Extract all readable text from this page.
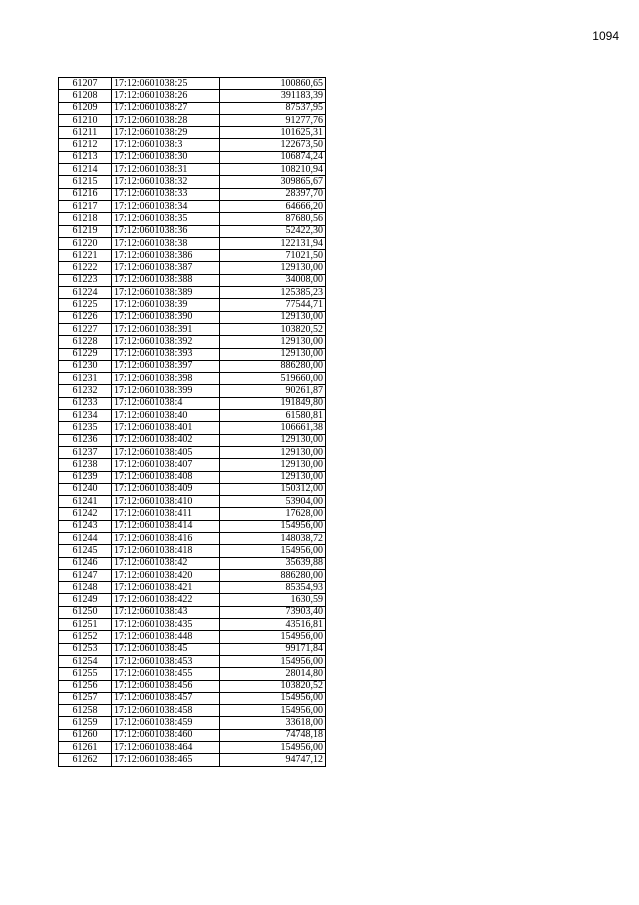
1094
61207	17:12:0601038:25	100860,65
61208	17:12:0601038:26	391183,39
61209	17:12:0601038:27	87537,95
61210	17:12:0601038:28	91277,76
61211	17:12:0601038:29	101625,31
61212	17:12:0601038:3	122673,50
61213	17:12:0601038:30	106874,24
61214	17:12:0601038:31	108210,94
61215	17:12:0601038:32	309865,67
61216	17:12:0601038:33	28397,70
61217	17:12:0601038:34	64666,20
61218	17:12:0601038:35	87680,56
61219	17:12:0601038:36	52422,30
61220	17:12:0601038:38	122131,94
61221	17:12:0601038:386	71021,50
61222	17:12:0601038:387	129130,00
61223	17:12:0601038:388	34008,00
61224	17:12:0601038:389	125385,23
61225	17:12:0601038:39	77544,71
61226	17:12:0601038:390	129130,00
61227	17:12:0601038:391	103820,52
61228	17:12:0601038:392	129130,00
61229	17:12:0601038:393	129130,00
61230	17:12:0601038:397	886280,00
61231	17:12:0601038:398	519660,00
61232	17:12:0601038:399	90261,87
61233	17:12:0601038:4	191849,80
61234	17:12:0601038:40	61580,81
61235	17:12:0601038:401	106661,38
61236	17:12:0601038:402	129130,00
61237	17:12:0601038:405	129130,00
61238	17:12:0601038:407	129130,00
61239	17:12:0601038:408	129130,00
61240	17:12:0601038:409	150312,00
61241	17:12:0601038:410	53904,00
61242	17:12:0601038:411	17628,00
61243	17:12:0601038:414	154956,00
61244	17:12:0601038:416	148038,72
61245	17:12:0601038:418	154956,00
61246	17:12:0601038:42	35639,88
61247	17:12:0601038:420	886280,00
61248	17:12:0601038:421	85354,93
61249	17:12:0601038:422	1630,59
61250	17:12:0601038:43	73903,40
61251	17:12:0601038:435	43516,81
61252	17:12:0601038:448	154956,00
61253	17:12:0601038:45	99171,84
61254	17:12:0601038:453	154956,00
61255	17:12:0601038:455	28014,80
61256	17:12:0601038:456	103820,52
61257	17:12:0601038:457	154956,00
61258	17:12:0601038:458	154956,00
61259	17:12:0601038:459	33618,00
61260	17:12:0601038:460	74748,18
61261	17:12:0601038:464	154956,00
61262	17:12:0601038:465	94747,12
